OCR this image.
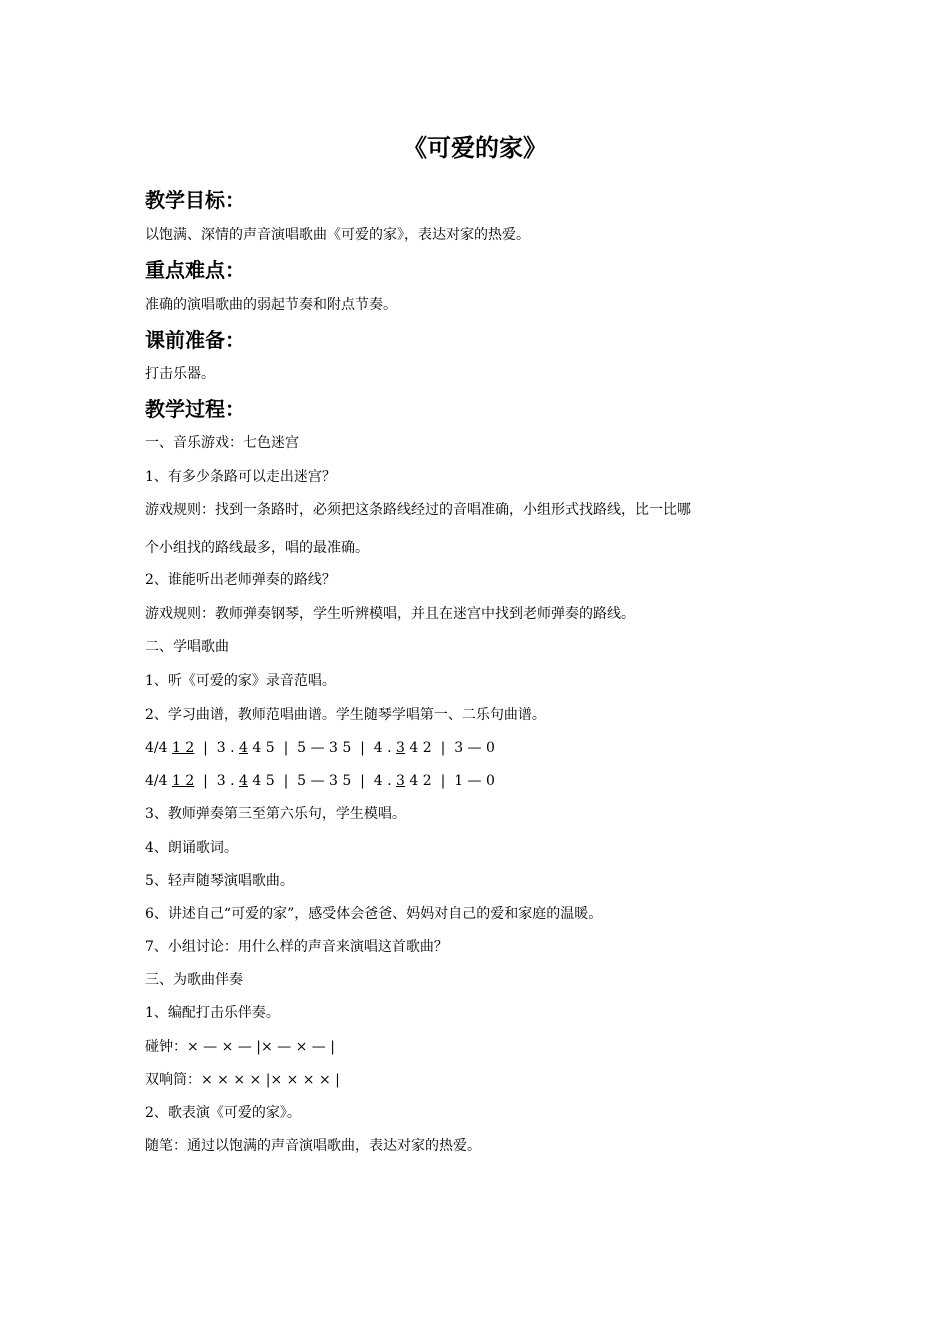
《可爱的家》
教学目标：
以饱满、深情的声音演唱歌曲《可爱的家》，表达对家的热爱。
重点难点：
准确的演唱歌曲的弱起节奏和附点节奏。
课前准备：
打击乐器。
教学过程：
一、音乐游戏：七色迷宫
1、有多少条路可以走出迷宫？
游戏规则：找到一条路时，必须把这条路线经过的音唱准确，小组形式找路线，比一比哪
个小组找的路线最多，唱的最准确。
2、谁能听出老师弹奏的路线？
游戏规则：教师弹奏钢琴，学生听辨模唱，并且在迷宫中找到老师弹奏的路线。
二、学唱歌曲
1、听《可爱的家》录音范唱。
2、学习曲谱，教师范唱曲谱。学生随琴学唱第一、二乐句曲谱。
4/4 1 2  |  3 . 4 4 5  |  5 — 3 5  |  4 . 3 4 2  |  3 — 0
4/4 1 2  |  3 . 4 4 5  |  5 — 3 5  |  4 . 3 4 2  |  1 — 0
3、教师弹奏第三至第六乐句，学生模唱。
4、朗诵歌词。
5、轻声随琴演唱歌曲。
6、讲述自己“可爱的家”，感受体会爸爸、妈妈对自己的爱和家庭的温暖。
7、小组讨论：用什么样的声音来演唱这首歌曲？
三、为歌曲伴奏
1、编配打击乐伴奏。
碰钟：× — × — |× — × — |
双响筒：× × × × |× × × × |
2、歌表演《可爱的家》。
随笔：通过以饱满的声音演唱歌曲，表达对家的热爱。
